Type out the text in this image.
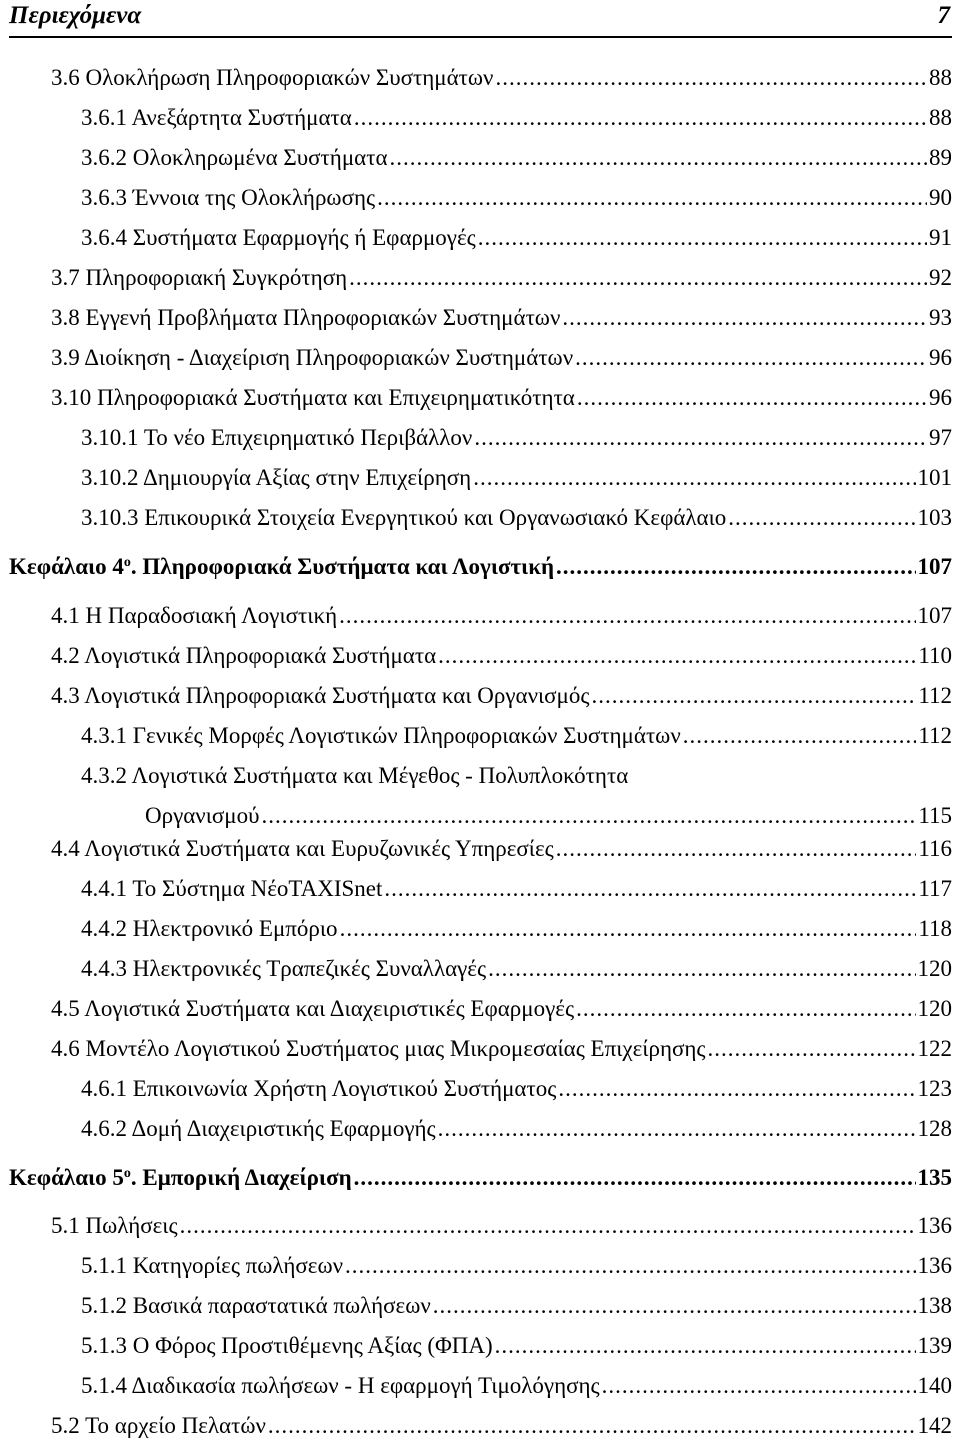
Περιεχόμενα	7
3.6 Ολοκλήρωση Πληροφοριακών Συστημάτων .....	88
3.6.1 Ανεξάρτητα Συστήματα .....	88
3.6.2 Ολοκληρωμένα Συστήματα .....	89
3.6.3 Έννοια της Ολοκλήρωσης .....	90
3.6.4 Συστήματα Εφαρμογής ή Εφαρμογές .....	91
3.7 Πληροφοριακή Συγκρότηση .....	92
3.8 Εγγενή Προβλήματα Πληροφοριακών Συστημάτων .....	93
3.9 Διοίκηση - Διαχείριση Πληροφοριακών Συστημάτων .....	96
3.10 Πληροφοριακά Συστήματα και Επιχειρηματικότητα .....	96
3.10.1 Το νέο Επιχειρηματικό Περιβάλλον .....	97
3.10.2 Δημιουργία Αξίας στην Επιχείρηση .....	101
3.10.3 Επικουρικά Στοιχεία Ενεργητικού και Οργανωσιακό Κεφάλαιο .....	103
Κεφάλαιο $4^o$. Πληροφοριακά Συστήματα και Λογιστική .....	107
4.1 Η Παραδοσιακή Λογιστική .....	107
4.2 Λογιστικά Πληροφοριακά Συστήματα .....	110
4.3 Λογιστικά Πληροφοριακά Συστήματα και Οργανισμός .....	112
4.3.1 Γενικές Μορφές Λογιστικών Πληροφοριακών Συστημάτων .....	112
4.3.2 Λογιστικά Συστήματα και Μέγεθος - Πολυπλοκότητα
Οργανισμού .....	115
4.4 Λογιστικά Συστήματα και Ευρυζωνικές Υπηρεσίες .....	116
4.4.1 Το Σύστημα ΝέοTAXISnet .....	117
4.4.2 Ηλεκτρονικό Εμπόριο .....	118
4.4.3 Ηλεκτρονικές Τραπεζικές Συναλλαγές .....	120
4.5 Λογιστικά Συστήματα και Διαχειριστικές Εφαρμογές .....	120
4.6 Μοντέλο Λογιστικού Συστήματος μιας Μικρομεσαίας Επιχείρησης .....	122
4.6.1 Επικοινωνία Χρήστη Λογιστικού Συστήματος .....	123
4.6.2 Δομή Διαχειριστικής Εφαρμογής .....	128
Κεφάλαιο $5^o$. Εμπορική Διαχείριση .....	135
5.1 Πωλήσεις .....	136
5.1.1 Κατηγορίες πωλήσεων .....	136
5.1.2 Βασικά παραστατικά πωλήσεων .....	138
5.1.3 Ο Φόρος Προστιθέμενης Αξίας (ΦΠΑ) .....	139
5.1.4 Διαδικασία πωλήσεων - Η εφαρμογή Τιμολόγησης .....	140
5.2 Το αρχείο Πελατών .....	142
